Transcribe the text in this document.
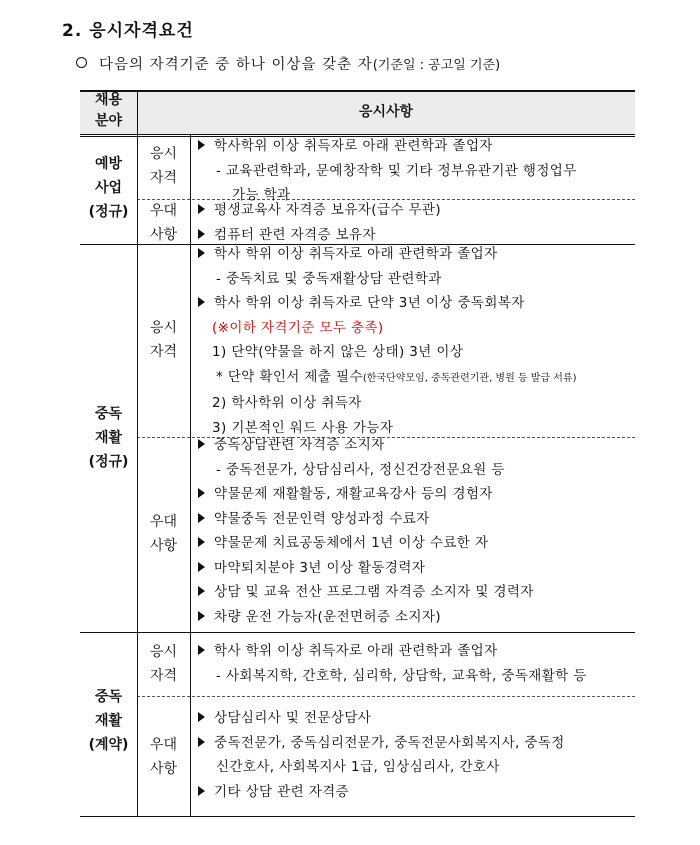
2. 응시자격요건
다음의 자격기준 중 하나 이상을 갖춘 자(기준일 : 공고일 기준)
채용
분야
응시사항
예방
사업
(정규)
응시
자격
학사학위 이상 취득자로 아래 관련학과 졸업자
- 교육관련학과, 문예창작학 및 기타 정부유관기관 행정업무
가능 학과
우대
사항
평생교육사 자격증 보유자(급수 무관)
컴퓨터 관련 자격증 보유자
중독
재활
(정규)
응시
자격
학사 학위 이상 취득자로 아래 관련학과 졸업자
- 중독치료 및 중독재활상담 관련학과
학사 학위 이상 취득자로 단약 3년 이상 중독회복자
(※이하 자격기준 모두 충족)
1) 단약(약물을 하지 않은 상태) 3년 이상
* 단약 확인서 제출 필수(한국단약모임, 중독관련기관, 병원 등 발급 서류)
2) 학사학위 이상 취득자
3) 기본적인 워드 사용 가능자
우대
사항
중독상담관련 자격증 소지자
- 중독전문가, 상담심리사, 정신건강전문요원 등
약물문제 재활활동, 재활교육강사 등의 경험자
약물중독 전문인력 양성과정 수료자
약물문제 치료공동체에서 1년 이상 수료한 자
마약퇴치분야 3년 이상 활동경력자
상담 및 교육 전산 프로그램 자격증 소지자 및 경력자
차량 운전 가능자(운전면허증 소지자)
중독
재활
(계약)
응시
자격
학사 학위 이상 취득자로 아래 관련학과 졸업자
- 사회복지학, 간호학, 심리학, 상담학, 교육학, 중독재활학 등
우대
사항
상담심리사 및 전문상담사
중독전문가, 중독심리전문가, 중독전문사회복지사, 중독정
신간호사, 사회복지사 1급, 임상심리사, 간호사
기타 상담 관련 자격증
